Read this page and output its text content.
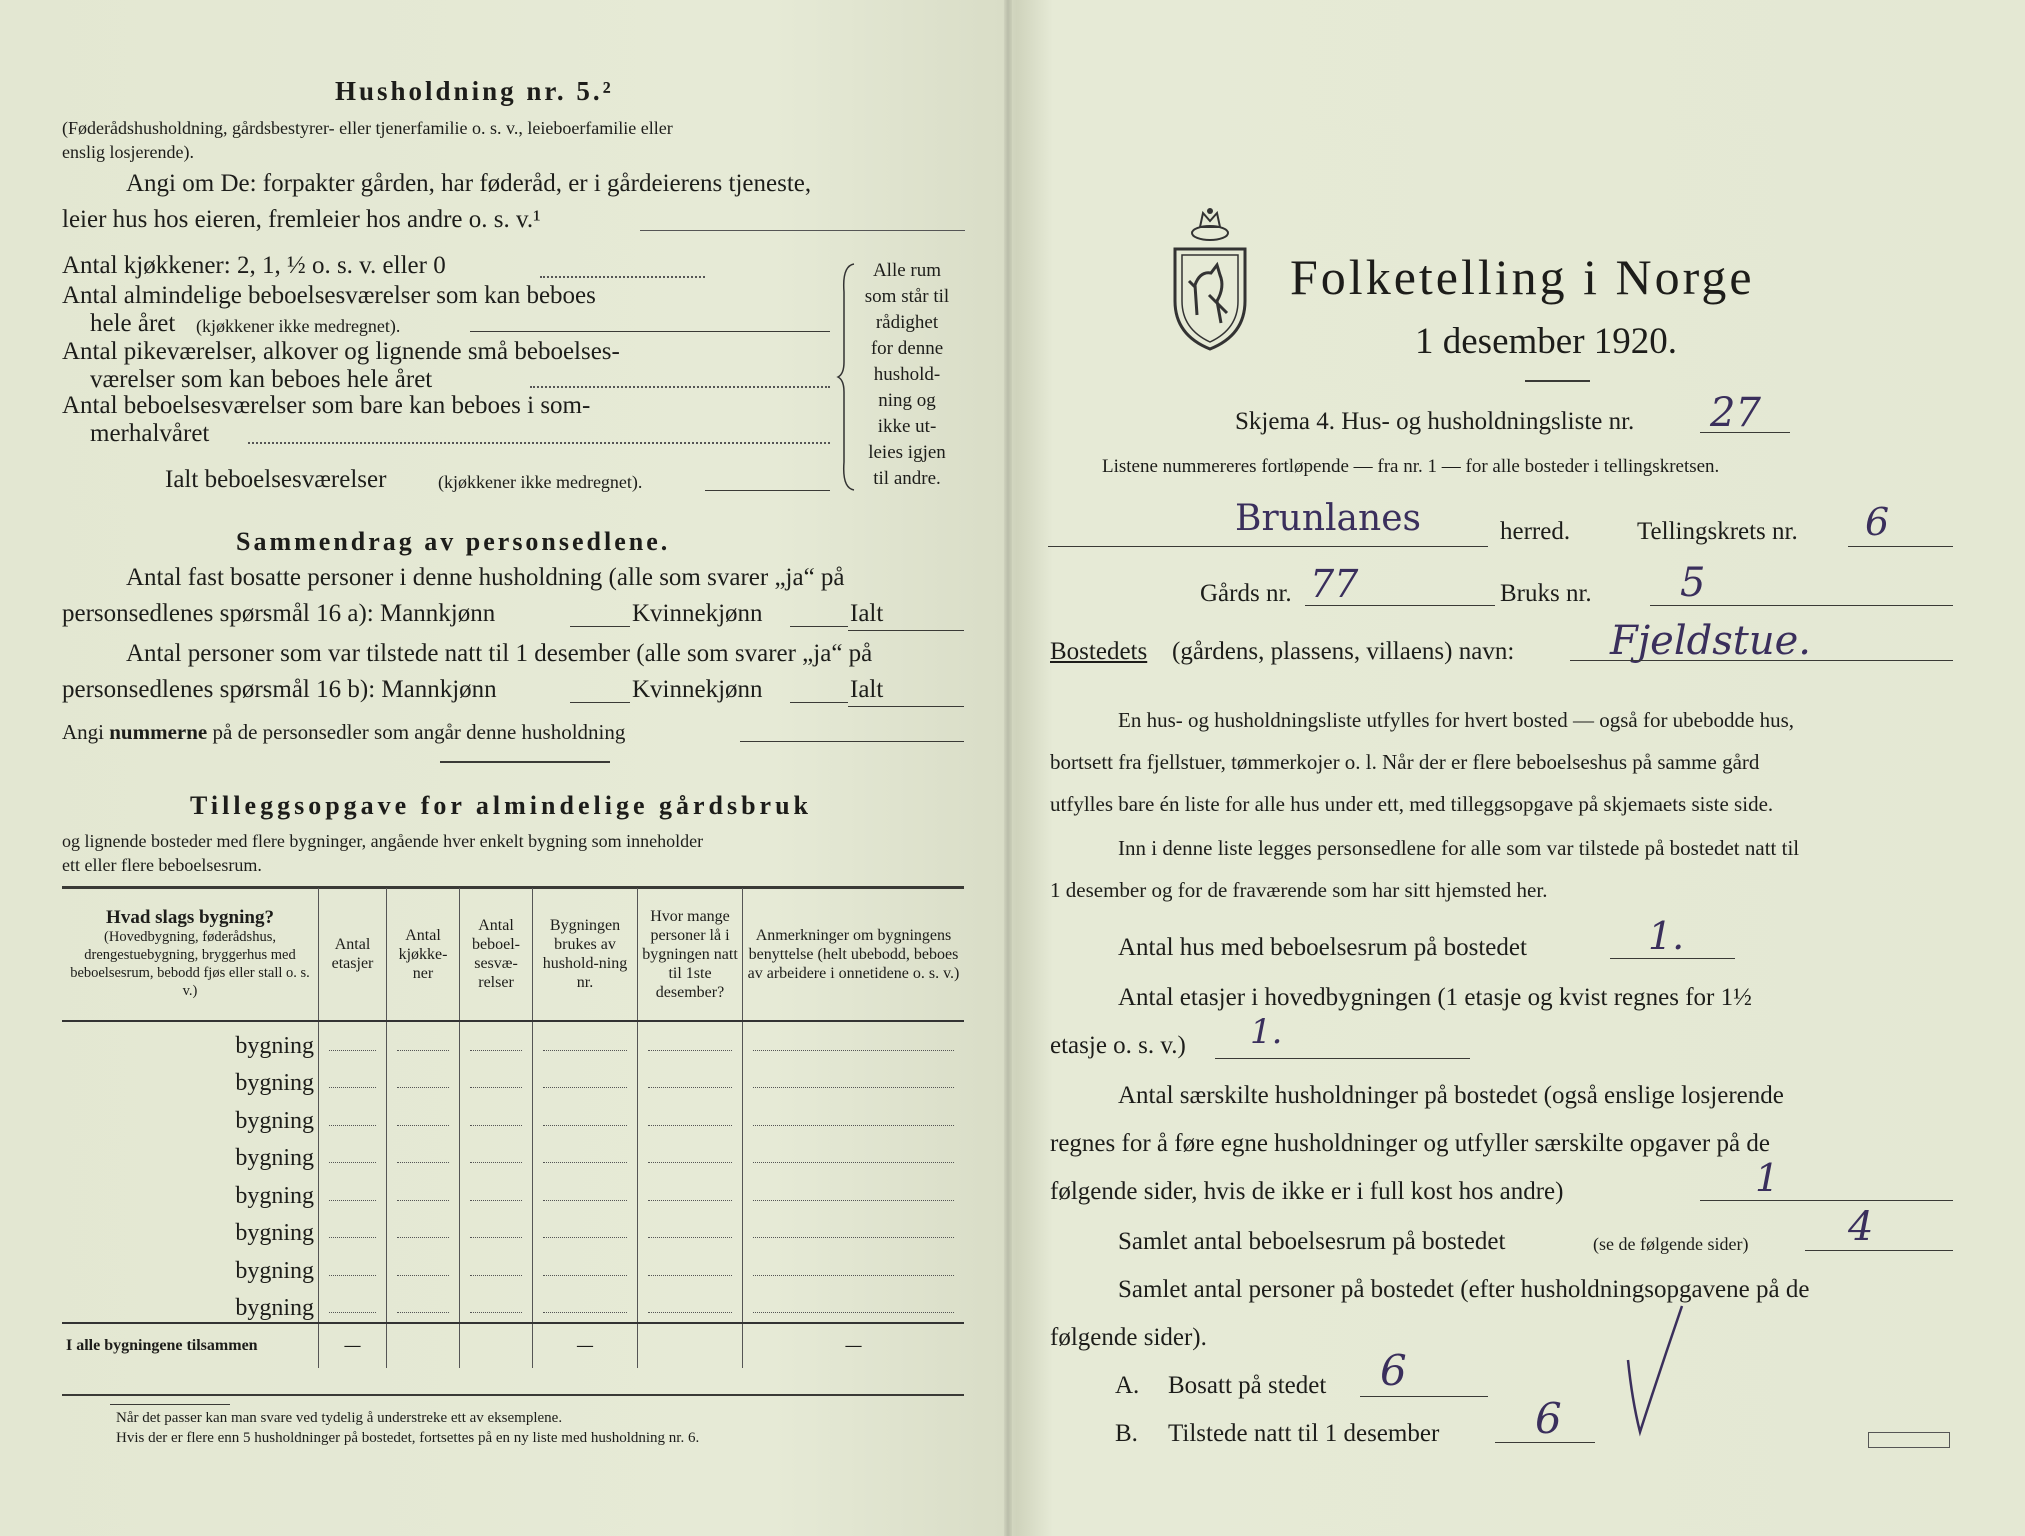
Husholdning nr. 5.²
(Føderådshusholdning, gårdsbestyrer- eller tjenerfamilie o. s. v., leieboerfamilie eller
enslig losjerende).
Angi om De: forpakter gården, har føderåd, er i gårdeierens tjeneste,
leier hus hos eieren, fremleier hos andre o. s. v.¹
Antal kjøkkener: 2, 1, ½ o. s. v. eller 0
Antal almindelige beboelsesværelser som kan beboes
hele året (kjøkkener ikke medregnet).
Antal pikeværelser, alkover og lignende små beboelses-
værelser som kan beboes hele året
Antal beboelsesværelser som bare kan beboes i som-
merhalvåret
Alle rum
som står til
rådighet
for denne
hushold-
ning og
ikke ut-
leies igjen
til andre.
Ialt beboelsesværelser	(kjøkkener ikke medregnet).
Sammendrag av personsedlene.
Antal fast bosatte personer i denne husholdning (alle som svarer „ja“ på
personsedlenes spørsmål 16 a): Mannkjønn	Kvinnekjønn	Ialt
Antal personer som var tilstede natt til 1 desember (alle som svarer „ja“ på
personsedlenes spørsmål 16 b): Mannkjønn	Kvinnekjønn	Ialt
Angi nummerne på de personsedler som angår denne husholdning
Tilleggsopgave for almindelige gårdsbruk
og lignende bosteder med flere bygninger, angående hver enkelt bygning som inneholder
ett eller flere beboelsesrum.
Hvad slags bygning?

(Hovedbygning, føderådshus, drengestuebygning, bryggerhus med beboelsesrum, bebodd fjøs eller stall o. s. v.)	Antal etasjer	Antal kjøkke-ner	Antal beboel-sesvæ-relser	Bygningen brukes av hushold-ning nr.	Hvor mange personer lå i bygningen natt til 1ste desember?	Anmerkninger om bygningens benyttelse (helt ubebodd, beboes av arbeidere i onnetidene o. s. v.)
bygning						
bygning						
bygning						
bygning						
bygning						
bygning						
bygning						
bygning						
I alle bygningene tilsammen	—			—		—
Når det passer kan man svare ved tydelig å understreke ett av eksemplene.
Hvis der er flere enn 5 husholdninger på bostedet, fortsettes på en ny liste med husholdning nr. 6.
Folketelling i Norge
1 desember 1920.
Skjema 4. Hus- og husholdningsliste nr. 27
Listene nummereres fortløpende — fra nr. 1 — for alle bosteder i tellingskretsen.
Brunlanes	herred.	Tellingskrets nr. 6
Gårds nr. 77	Bruks nr. 5
Bostedets (gårdens, plassens, villaens) navn: Fjeldstue.
En hus- og husholdningsliste utfylles for hvert bosted — også for ubebodde hus,
bortsett fra fjellstuer, tømmerkojer o. l. Når der er flere beboelseshus på samme gård
utfylles bare én liste for alle hus under ett, med tilleggsopgave på skjemaets siste side.
Inn i denne liste legges personsedlene for alle som var tilstede på bostedet natt til
1 desember og for de fraværende som har sitt hjemsted her.
Antal hus med beboelsesrum på bostedet	1.
Antal etasjer i hovedbygningen (1 etasje og kvist regnes for 1½
etasje o. s. v.) 1.
Antal særskilte husholdninger på bostedet (også enslige losjerende
regnes for å føre egne husholdninger og utfyller særskilte opgaver på de
følgende sider, hvis de ikke er i full kost hos andre)	1
Samlet antal beboelsesrum på bostedet	(se de følgende sider) 4
Samlet antal personer på bostedet (efter husholdningsopgavene på de
følgende sider).
A. Bosatt på stedet 6
B. Tilstede natt til 1 desember 6
